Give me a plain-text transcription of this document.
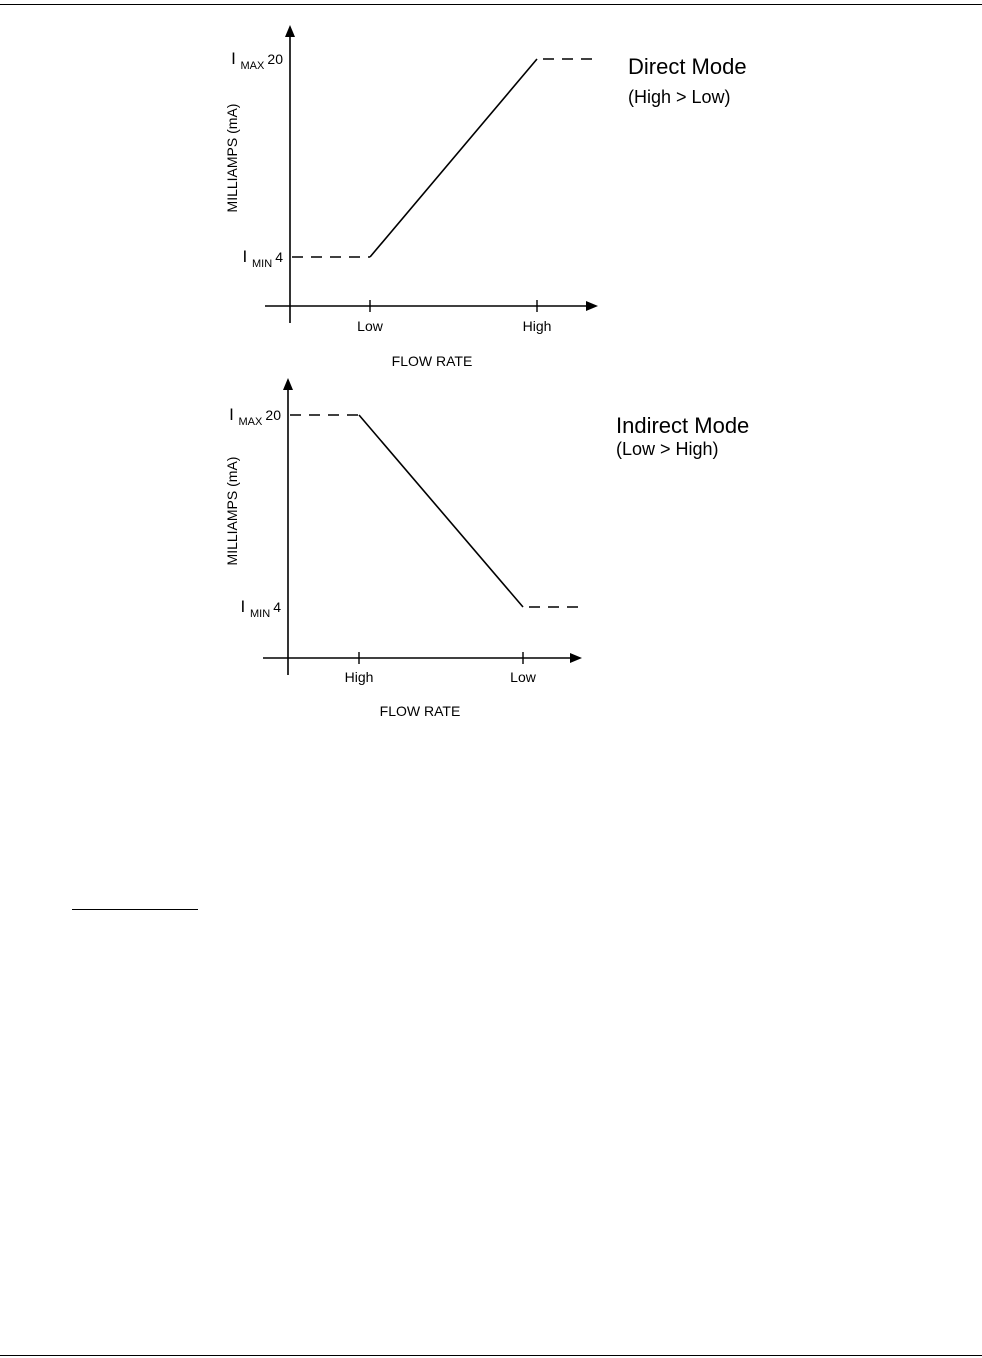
Low	High
I $_{MIN}$ 4
I $_{MAX}$ 20
FLOW RATE
MILLIAMPS (mA)
Direct Mode
(High > Low)
High	Low
I $_{MIN}$ 4
I $_{MAX}$ 20
FLOW RATE
MILLIAMPS (mA)
Indirect Mode
(Low > High)
